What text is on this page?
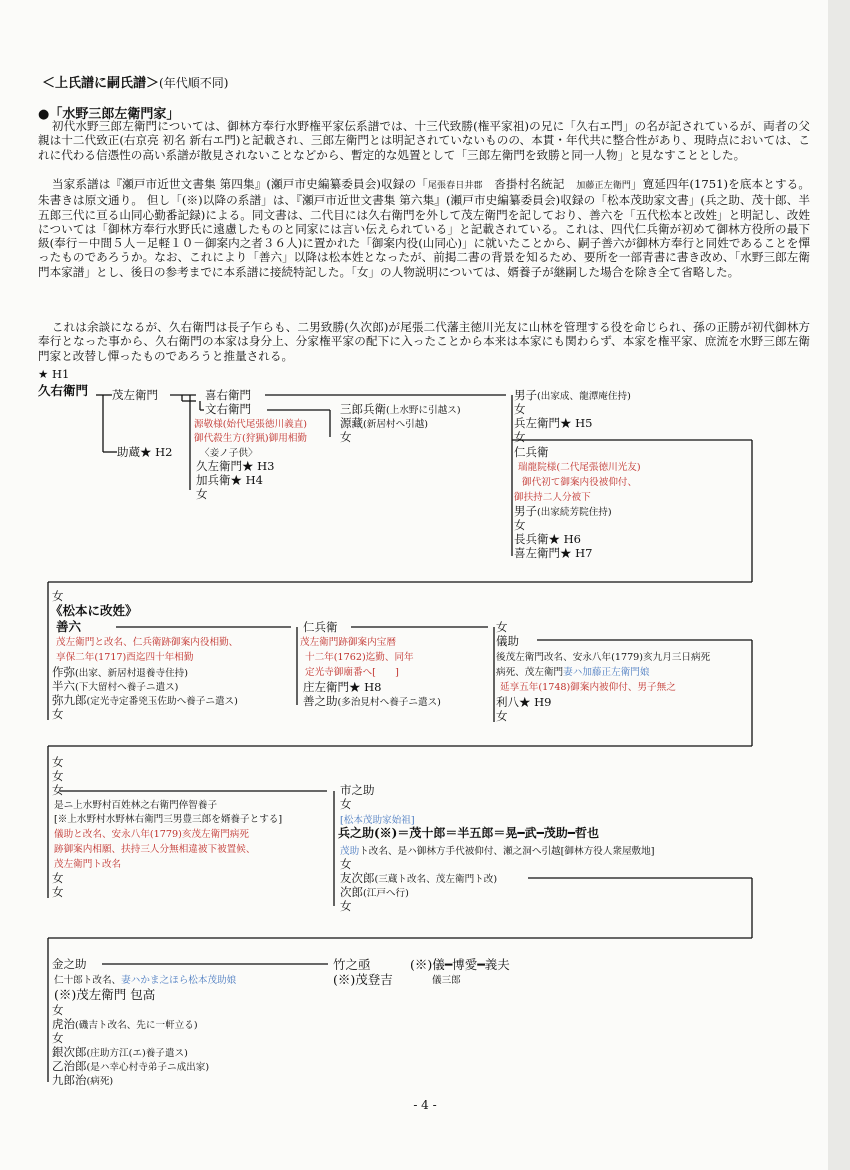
＜上氏譜に嗣氏譜＞(年代順不同)
●「水野三郎左衛門家」

初代水野三郎左衛門については、御林方奉行水野権平家伝系譜では、十三代致勝(権平家祖)の兄に「久右エ門」の名が記されているが、両者の父親は十二代致正(右京亮 初名 新右エ門)と記載され、三郎左衛門とは明記されていないものの、本貫・年代共に整合性があり、現時点においては、これに代わる信憑性の高い系譜が散見されないことなどから、暫定的な処置として「三郎左衛門を致勝と同一人物」と見なすこととした。

当家系譜は『瀬戸市近世文書集 第四集』(瀬戸市史編纂委員会)収録の「尾張春日井郡　 沓掛村名統記　 加藤正左衛門」寛延四年(1751)を底本とする。朱書きは原文通り。 但し「(※)以降の系譜」は、『瀬戸市近世文書集 第六集』(瀬戸市史編纂委員会)収録の「松本茂助家文書」(兵之助、茂十郎、半五郎三代に亘る山同心勤番記録)による。同文書は、二代目には久右衛門を外して茂左衛門を記しており、善六を「五代松本と改姓」と明記し、改姓については「御林方奉行水野氏に遠慮したものと同家には言い伝えられている」と記載されている。これは、四代仁兵衛が初めて御林方役所の最下級(奉行－中間５人－足軽１０－御案内之者３６人)に置かれた「御案内役(山同心)」に就いたことから、嗣子善六が御林方奉行と同姓であることを憚ったものであろうか。なお、これにより「善六」以降は松本姓となったが、前掲二書の背景を知るため、要所を一部青書に書き改め、「水野三郎左衛門本家譜」とし、後日の参考までに本系譜に接続特記した。「女」の人物説明については、婿養子が継嗣した場合を除き全て省略した。

これは余談になるが、久右衛門は長子乍らも、二男致勝(久次郎)が尾張二代藩主徳川光友に山林を管理する役を命じられ、孫の正勝が初代御林方奉行となった事から、久右衛門の本家は身分上、分家権平家の配下に入ったことから本来は本家にも関わらず、本家を権平家、庶流を水野三郎左衛門家と改替し憚ったものであろうと推量される。

★ H1
久右衛門 茂左衛門
助蔵★ H2
喜右衛門
文右衛門
源敬様(始代尾張徳川義直)
御代殺生方(狩猟)御用相勤
〈妾ノ子供〉
久左衛門★ H3
加兵衛★ H4
女
三郎兵衛(上水野に引越ス)
源藏(新居村へ引越)
女
男子(出家成、龍潭庵住持)
女
兵左衛門★ H5
女
仁兵衛
瑞龍院様(二代尾張徳川光友)
御代初て御案内役被仰付、
御扶持二人分被下
男子(出家続芳院住持)
女
長兵衛★ H6
喜左衛門★ H7
女
《松本に改姓》
善六
茂左衛門と改名、仁兵衛跡御案内役相勤、
享保二年(1717)酉迄四十年相勤
作弥(出家、新居村退養寺住持)
半六(下大留村へ養子ニ遣ス)
弥九郎(定光寺定番兇玉佐助へ養子ニ遣ス)
女
仁兵衛
茂左衛門跡御案内宝暦
十二年(1762)迄勤、同年
定光寺御廟番へ[　　]
庄左衛門★ H8
善之助(多治見村へ養子ニ遣ス)
女
儀助
後茂左衛門改名、安永八年(1779)亥九月三日病死
病死、茂左衛門妻ハ加藤正左衛門娘
延享五年(1748)御案内被仰付、男子無之
利八★ H9
女
女
女
女
是ニ上水野村百姓林之右衛門倅智養子
[※上水野村水野林右衛門三男豊三郎を婿養子とする]
儀助と改名、安永八年(1779)亥茂左衛門病死
跡御案内相願、扶持三人分無相違被下被置候、
茂左衛門ト改名
女
女
市之助
女
[松本茂助家始祖]
兵之助(※)＝茂十郎＝半五郎＝晃━武━茂助━哲也
茂助ト改名、是ハ御林方手代被仰付、瀬之洞へ引越[御林方役人衆屋敷地]
女
友次郎(三蔵ト改名、茂左衛門ト改)
次郎(江戸へ行)
女
金之助
仁十郎ト改名、妻ハかま之ほら松本茂助娘
(※)茂左衛門 包高
女
虎治(磯吉ト改名、先に一軒立る)
女
銀次郎(庄助方江(エ)養子遣ス)
乙治郎(是ハ幸心村寺弟子ニ成出家)
九郎治(病死)
竹之亟
(※)茂登吉
(※)儀━博愛━義夫
儀三郎
- 4 -
